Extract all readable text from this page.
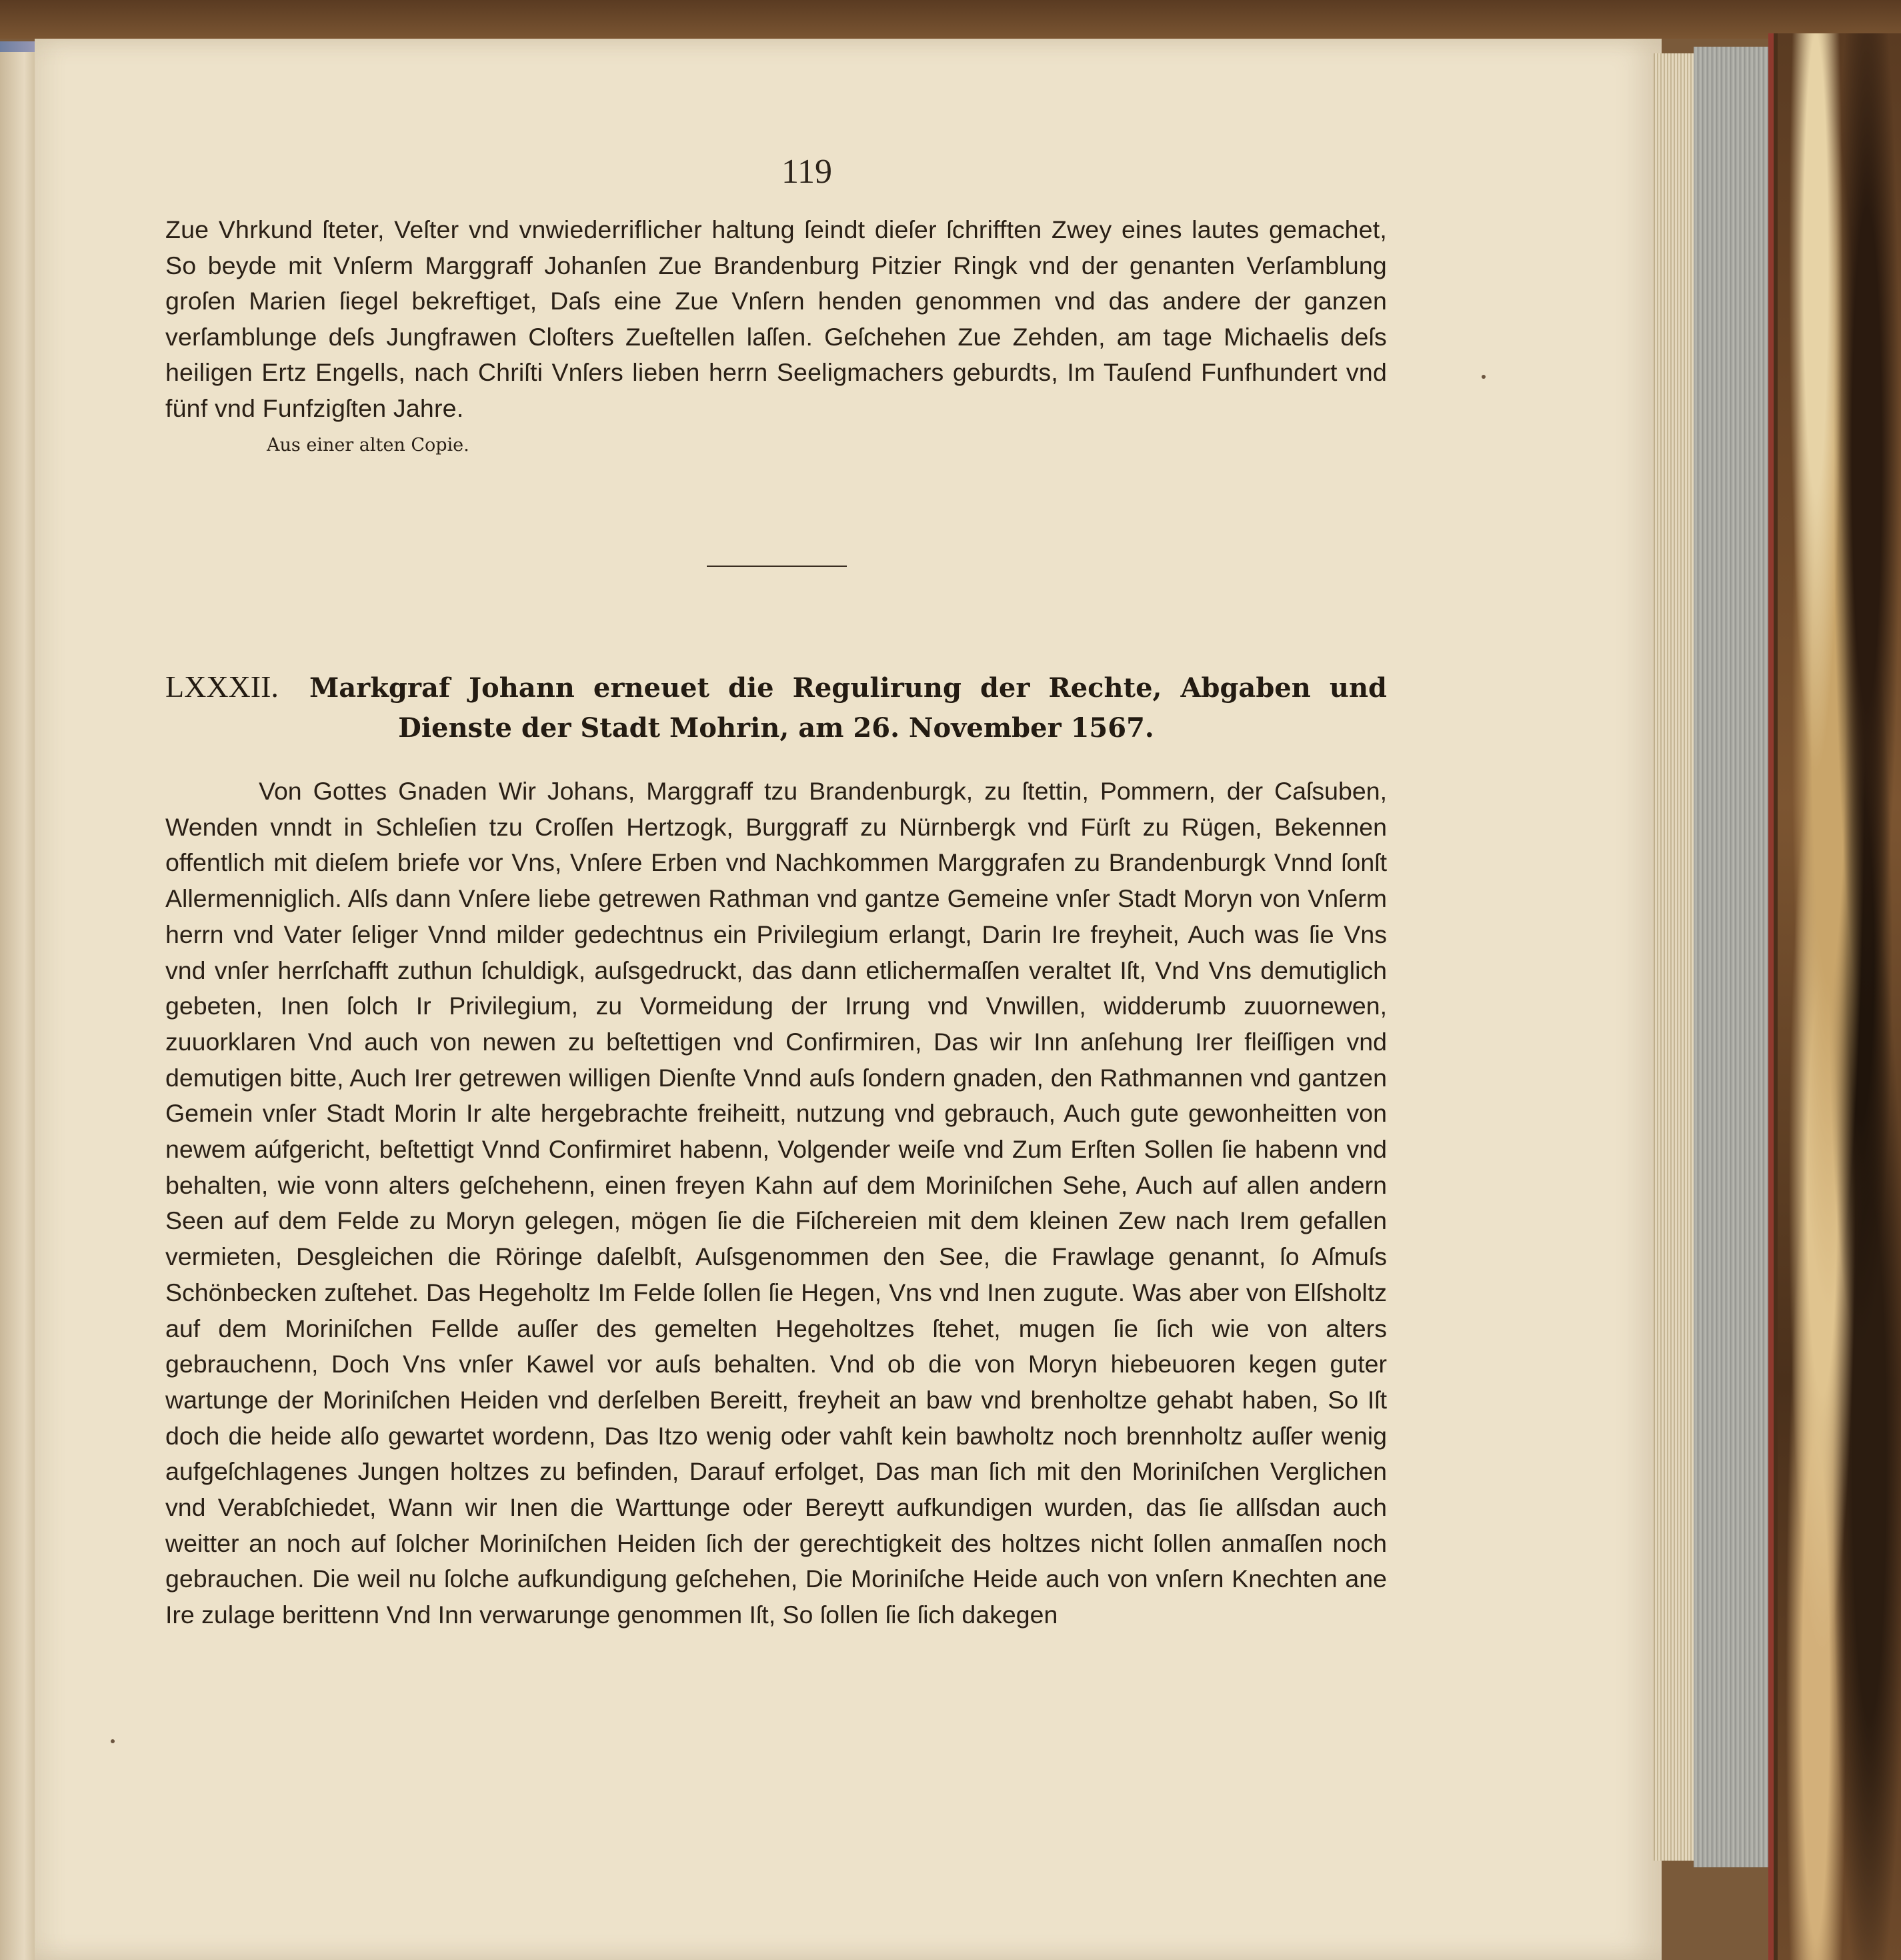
119
Zue Vhrkund ſteter, Veſter vnd vnwiederriflicher haltung ſeindt dieſer ſchrifften Zwey eines lautes gemachet, So beyde mit Vnſerm Marggraff Johanſen Zue Brandenburg Pitzier Ringk vnd der genanten Verſamblung groſen Marien ſiegel bekreftiget, Daſs eine Zue Vnſern henden genommen vnd das andere der ganzen verſamblunge deſs Jungfrawen Cloſters Zueſtellen laſſen. Geſchehen Zue Zehden, am tage Michaelis deſs heiligen Ertz Engells, nach Chriſti Vnſers lieben herrn Seeligmachers geburdts, Im Tauſend Funfhundert vnd fünf vnd Funfzigſten Jahre.
Aus einer alten Copie.
LXXXII. Markgraf Johann erneuet die Regulirung der Rechte, Abgaben und Dienste der Stadt Mohrin, am 26. November 1567.
Von Gottes Gnaden Wir Johans, Marggraff tzu Brandenburgk, zu ſtettin, Pommern, der Caſsuben, Wenden vnndt in Schleſien tzu Croſſen Hertzogk, Burggraff zu Nürnbergk vnd Fürſt zu Rügen, Bekennen offentlich mit dieſem briefe vor Vns, Vnſere Erben vnd Nachkommen Marggrafen zu Brandenburgk Vnnd ſonſt Allermenniglich. Alſs dann Vnſere liebe getrewen Rathman vnd gantze Gemeine vnſer Stadt Moryn von Vnſerm herrn vnd Vater ſeliger Vnnd milder gedechtnus ein Privilegium erlangt, Darin Ire freyheit, Auch was ſie Vns vnd vnſer herrſchafft zuthun ſchuldigk, auſsgedruckt, das dann etlichermaſſen veraltet Iſt, Vnd Vns demutiglich gebeten, Inen ſolch Ir Privilegium, zu Vormeidung der Irrung vnd Vnwillen, widderumb zuuornewen, zuuorklaren Vnd auch von newen zu beſtettigen vnd Confirmiren, Das wir Inn anſehung Irer fleiſſigen vnd demutigen bitte, Auch Irer getrewen willigen Dienſte Vnnd auſs ſondern gnaden, den Rathmannen vnd gantzen Gemein vnſer Stadt Morin Ir alte hergebrachte freiheitt, nutzung vnd gebrauch, Auch gute gewonheitten von newem aúfgericht, beſtettigt Vnnd Confirmiret habenn, Volgender weiſe vnd Zum Erſten Sollen ſie habenn vnd behalten, wie vonn alters geſchehenn, einen freyen Kahn auf dem Moriniſchen Sehe, Auch auf allen andern Seen auf dem Felde zu Moryn gelegen, mögen ſie die Fiſchereien mit dem kleinen Zew nach Irem gefallen vermieten, Desgleichen die Röringe daſelbſt, Auſsgenommen den See, die Frawlage genannt, ſo Aſmuſs Schönbecken zuſtehet. Das Hegeholtz Im Felde ſollen ſie Hegen, Vns vnd Inen zugute. Was aber von Elſsholtz auf dem Moriniſchen Fellde auſſer des gemelten Hegeholtzes ſtehet, mugen ſie ſich wie von alters gebrauchenn, Doch Vns vnſer Kawel vor auſs behalten. Vnd ob die von Moryn hiebeuoren kegen guter wartunge der Moriniſchen Heiden vnd derſelben Bereitt, freyheit an baw vnd brenholtze gehabt haben, So Iſt doch die heide alſo gewartet wordenn, Das Itzo wenig oder vahſt kein bawholtz noch brennholtz auſſer wenig aufgeſchlagenes Jungen holtzes zu befinden, Darauf erfolget, Das man ſich mit den Moriniſchen Verglichen vnd Verabſchiedet, Wann wir Inen die Warttunge oder Bereytt aufkundigen wurden, das ſie allſsdan auch weitter an noch auf ſolcher Moriniſchen Heiden ſich der gerechtigkeit des holtzes nicht ſollen anmaſſen noch gebrauchen. Die weil nu ſolche aufkundigung geſchehen, Die Moriniſche Heide auch von vnſern Knechten ane Ire zulage berittenn Vnd Inn verwarunge genommen Iſt, So ſollen ſie ſich dakegen
